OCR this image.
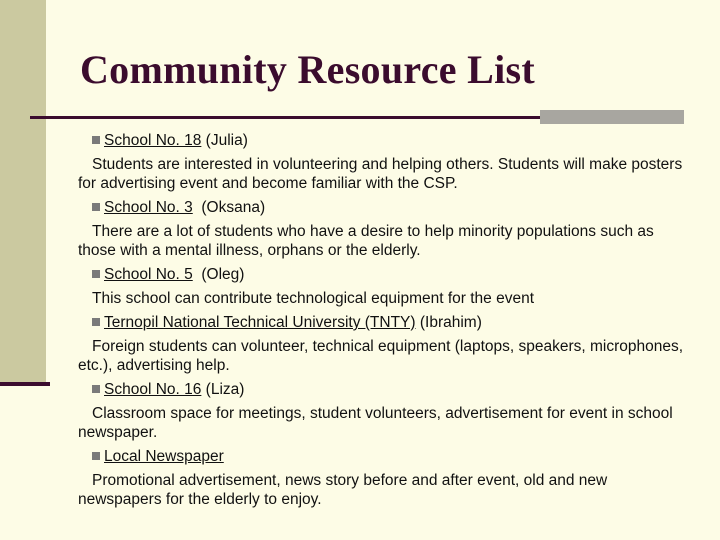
Community Resource List

School No. 18 (Julia)

Students are interested in volunteering and helping others. Students will make posters for advertising event and become familiar with the CSP.

School No. 3 (Oksana)

There are a lot of students who have a desire to help minority populations such as those with a mental illness, orphans or the elderly.

School No. 5 (Oleg)

This school can contribute technological equipment for the event

Ternopil National Technical University (TNTY) (Ibrahim)

Foreign students can volunteer, technical equipment (laptops, speakers, microphones, etc.), advertising help.

School No. 16 (Liza)

Classroom space for meetings, student volunteers, advertisement for event in school newspaper.

Local Newspaper

Promotional advertisement, news story before and after event, old and new newspapers for the elderly to enjoy.
